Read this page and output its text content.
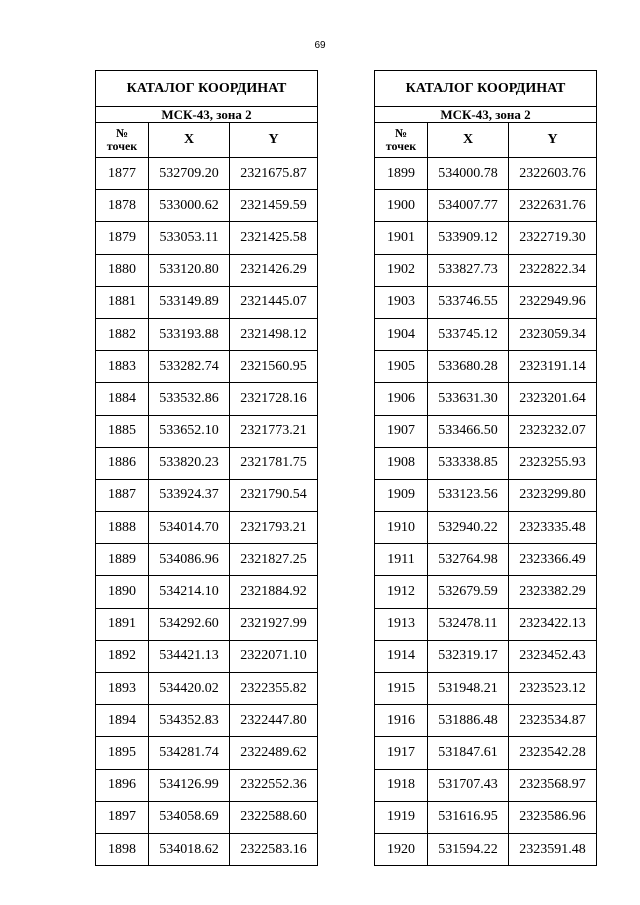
69
КАТАЛОГ КООРДИНАТ		
МСК-43, зона 2		

№
точек	X	Y
1877	532709.20	2321675.87
1878	533000.62	2321459.59
1879	533053.11	2321425.58
1880	533120.80	2321426.29
1881	533149.89	2321445.07
1882	533193.88	2321498.12
1883	533282.74	2321560.95
1884	533532.86	2321728.16
1885	533652.10	2321773.21
1886	533820.23	2321781.75
1887	533924.37	2321790.54
1888	534014.70	2321793.21
1889	534086.96	2321827.25
1890	534214.10	2321884.92
1891	534292.60	2321927.99
1892	534421.13	2322071.10
1893	534420.02	2322355.82
1894	534352.83	2322447.80
1895	534281.74	2322489.62
1896	534126.99	2322552.36
1897	534058.69	2322588.60
1898	534018.62	2322583.16
КАТАЛОГ КООРДИНАТ		
МСК-43, зона 2		

№
точек	X	Y
1899	534000.78	2322603.76
1900	534007.77	2322631.76
1901	533909.12	2322719.30
1902	533827.73	2322822.34
1903	533746.55	2322949.96
1904	533745.12	2323059.34
1905	533680.28	2323191.14
1906	533631.30	2323201.64
1907	533466.50	2323232.07
1908	533338.85	2323255.93
1909	533123.56	2323299.80
1910	532940.22	2323335.48
1911	532764.98	2323366.49
1912	532679.59	2323382.29
1913	532478.11	2323422.13
1914	532319.17	2323452.43
1915	531948.21	2323523.12
1916	531886.48	2323534.87
1917	531847.61	2323542.28
1918	531707.43	2323568.97
1919	531616.95	2323586.96
1920	531594.22	2323591.48
